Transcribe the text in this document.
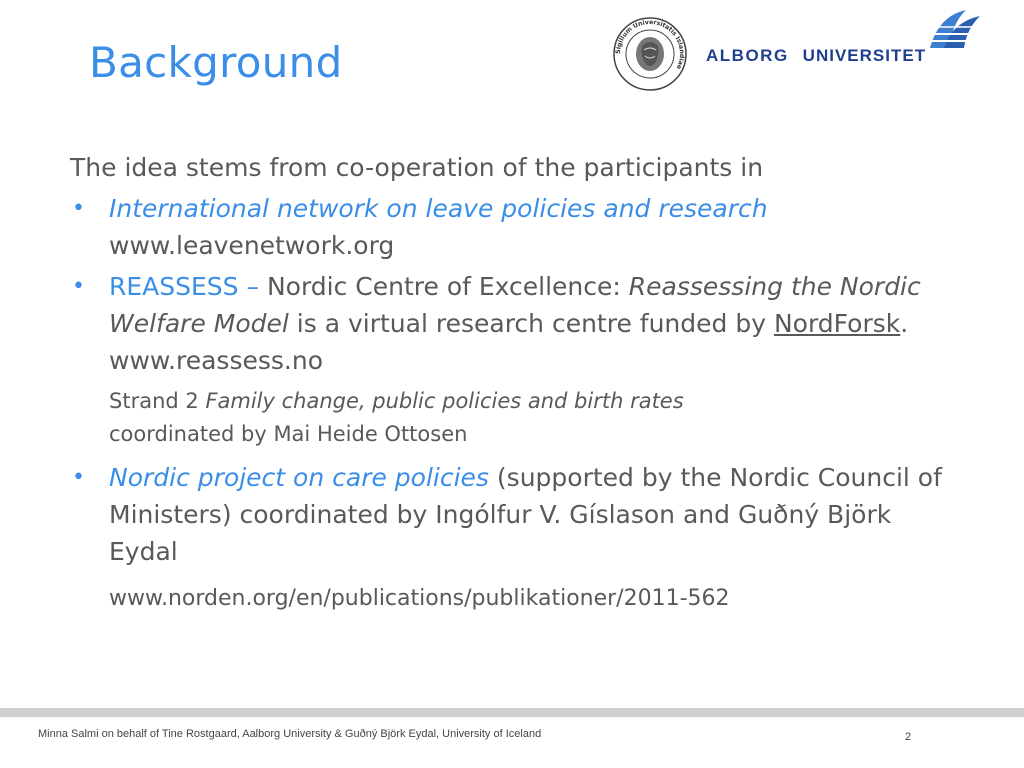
Background	Sigillum Universitatis Islandiae
ALBORG UNIVERSITET

The idea stems from co-operation of the participants in

• International network on leave policies and research
www.leavenetwork.org
• REASSESS – Nordic Centre of Excellence: Reassessing the Nordic Welfare Model is a virtual research centre funded by NordForsk. www.reassess.no
Strand 2 Family change, public policies and birth rates
coordinated by Mai Heide Ottosen
• Nordic project on care policies (supported by the Nordic Council of Ministers) coordinated by Ingólfur V. Gíslason and Guðný Björk Eydal
www.norden.org/en/publications/publikationer/2011-562
Minna Salmi on behalf of Tine Rostgaard, Aalborg University & Guðný Björk Eydal, University of Iceland	2
